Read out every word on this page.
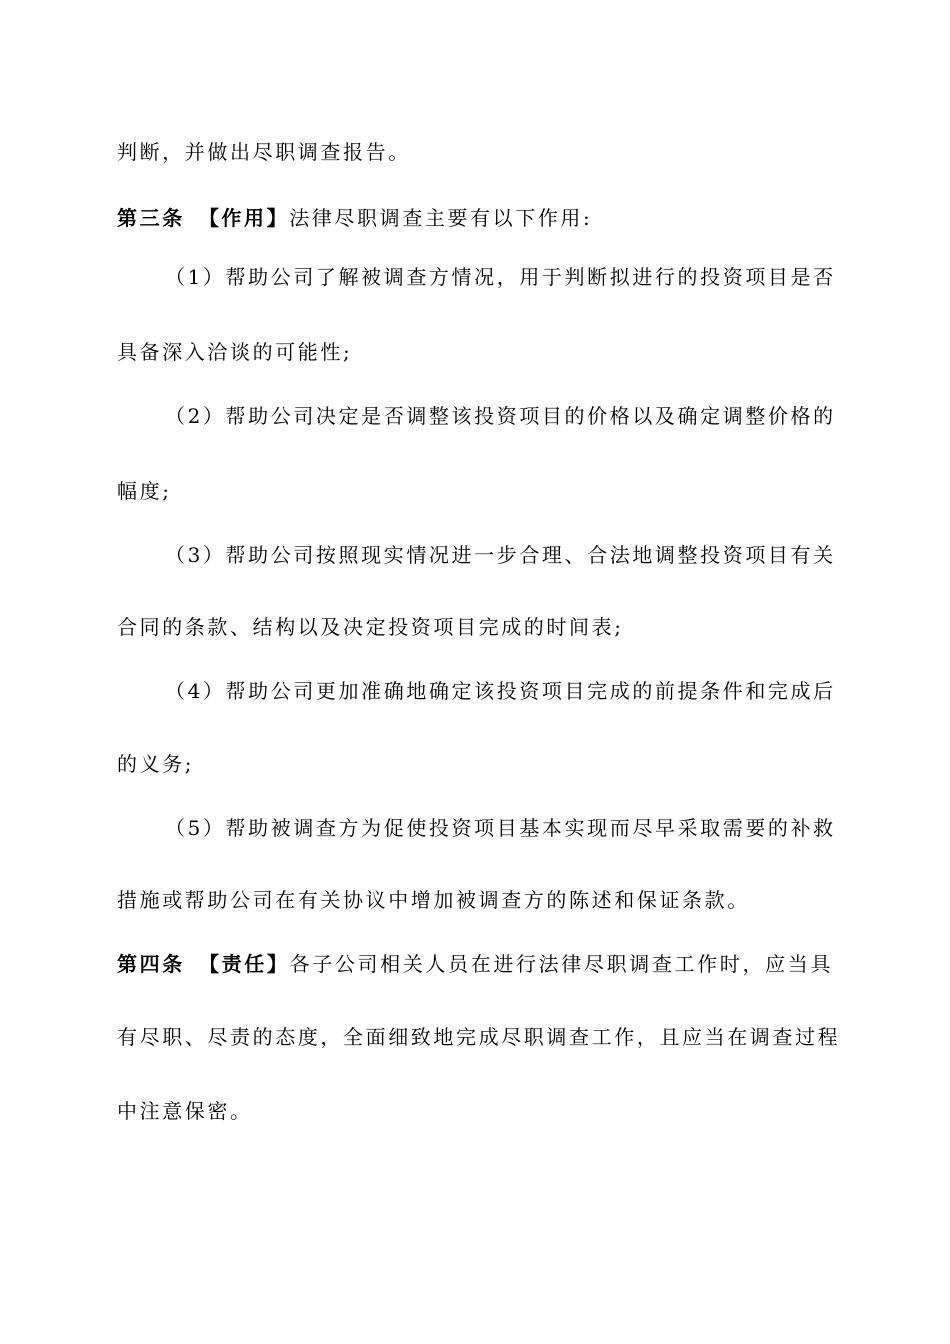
判断，并做出尽职调查报告。
第三条 【作用】法律尽职调查主要有以下作用:
（1）帮助公司了解被调查方情况，用于判断拟进行的投资项目是否
具备深入洽谈的可能性;
（2）帮助公司决定是否调整该投资项目的价格以及确定调整价格的
幅度;
（3）帮助公司按照现实情况进一步合理、合法地调整投资项目有关
合同的条款、结构以及决定投资项目完成的时间表;
（4）帮助公司更加准确地确定该投资项目完成的前提条件和完成后
的义务;
（5）帮助被调查方为促使投资项目基本实现而尽早采取需要的补救
措施或帮助公司在有关协议中增加被调查方的陈述和保证条款。
第四条 【责任】各子公司相关人员在进行法律尽职调查工作时，应当具
有尽职、尽责的态度，全面细致地完成尽职调查工作，且应当在调查过程
中注意保密。
